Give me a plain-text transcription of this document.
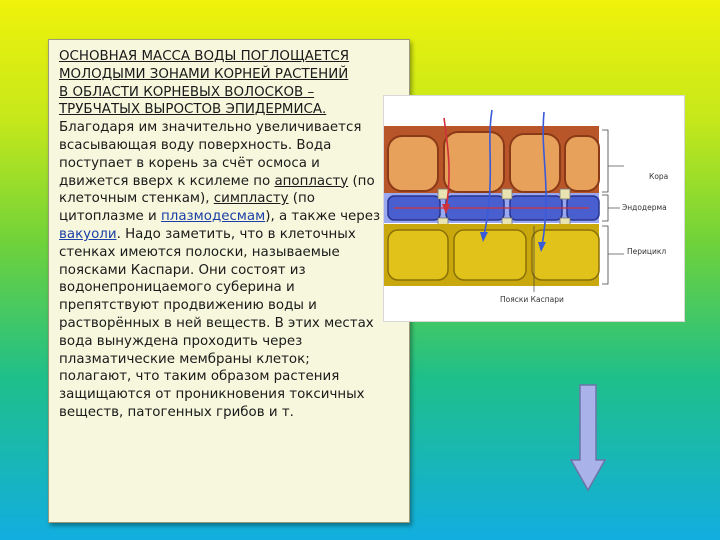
ОСНОВНАЯ МАССА ВОДЫ ПОГЛОЩАЕТСЯ
МОЛОДЫМИ ЗОНАМИ КОРНЕЙ РАСТЕНИЙ
В ОБЛАСТИ КОРНЕВЫХ ВОЛОСКОВ –
ТРУБЧАТЫХ ВЫРОСТОВ ЭПИДЕРМИСА.
Благодаря им значительно увеличивается
всасывающая воду поверхность. Вода
поступает в корень за счёт осмоса и
движется вверх к ксилеме по апопласту (по
клеточным стенкам), симпласту (по
цитоплазме и плазмодесмам), а также через
вакуоли. Надо заметить, что в клеточных
стенках имеются полоски, называемые
поясками Каспари. Они состоят из
водонепроницаемого суберина и
препятствуют продвижению воды и
растворённых в ней веществ. В этих местах
вода вынуждена проходить через
плазматические мембраны клеток;
полагают, что таким образом растения
защищаются от проникновения токсичных
веществ, патогенных грибов и т.
Кора
Эндодерма
Перицикл
Пояски Каспари
